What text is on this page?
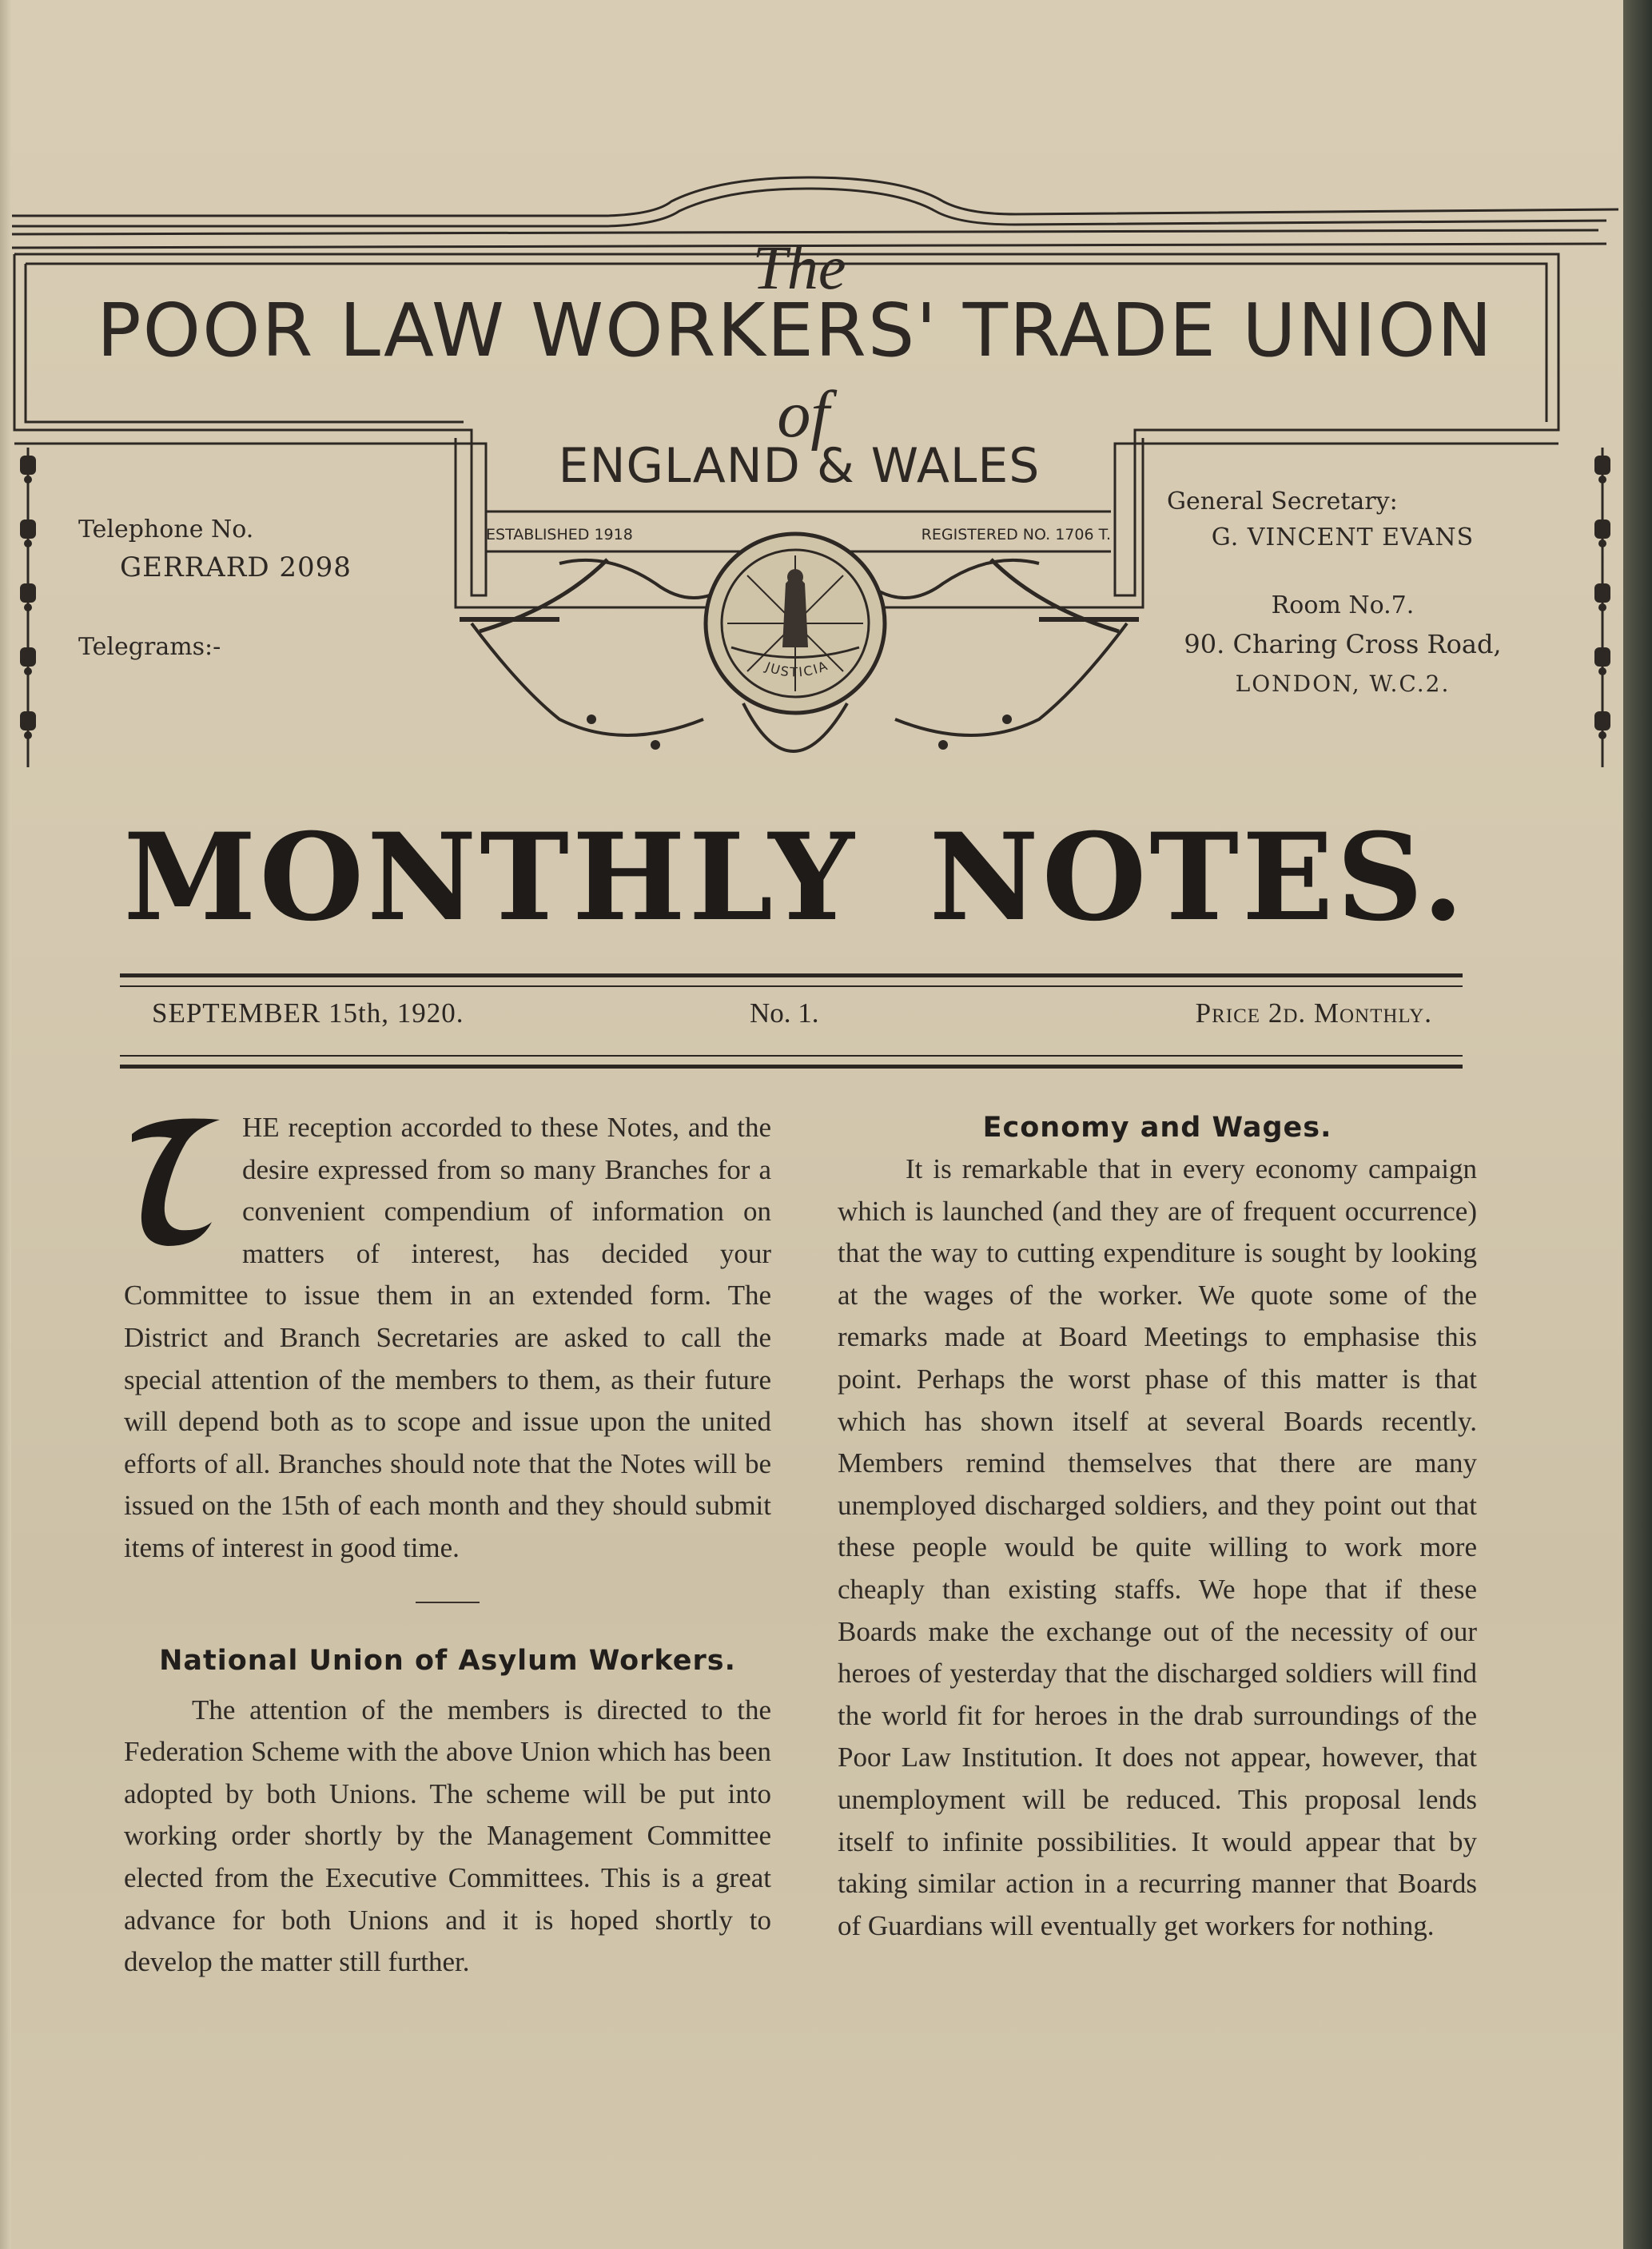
The
POOR LAW WORKERS' TRADE UNION
of
ENGLAND & WALES
ESTABLISHED 1918	REGISTERED NO. 1706 T.
JUSTICIA
Telephone No.
GERRARD 2098
Telegrams:-
General Secretary:
G. VINCENT EVANS
Room No.7.
90. Charing Cross Road,
LONDON, W.C.2.
MONTHLY NOTES.
SEPTEMBER 15th, 1920.	No. 1.	Price 2d. Monthly.

HE reception accorded to these Notes, and the desire expressed from so many Branches for a convenient compendium of information on matters of interest, has decided your Committee to issue them in an extended form. The District and Branch Secretaries are asked to call the special attention of the members to them, as their future will depend both as to scope and issue upon the united efforts of all. Branches should note that the Notes will be issued on the 15th of each month and they should submit items of interest in good time.

National Union of Asylum Workers.

The attention of the members is directed to the Federation Scheme with the above Union which has been adopted by both Unions. The scheme will be put into working order shortly by the Management Committee elected from the Executive Committees. This is a great advance for both Unions and it is hoped shortly to develop the matter still further.

Economy and Wages.

It is remarkable that in every economy campaign which is launched (and they are of frequent occurrence) that the way to cutting expenditure is sought by looking at the wages of the worker. We quote some of the remarks made at Board Meetings to emphasise this point. Perhaps the worst phase of this matter is that which has shown itself at several Boards recently. Members remind themselves that there are many unemployed discharged soldiers, and they point out that these people would be quite willing to work more cheaply than existing staffs. We hope that if these Boards make the exchange out of the necessity of our heroes of yesterday that the discharged soldiers will find the world fit for heroes in the drab surroundings of the Poor Law Institution. It does not appear, however, that unemployment will be reduced. This proposal lends itself to infinite possibilities. It would appear that by taking similar action in a recurring manner that Boards of Guardians will eventually get workers for nothing.
